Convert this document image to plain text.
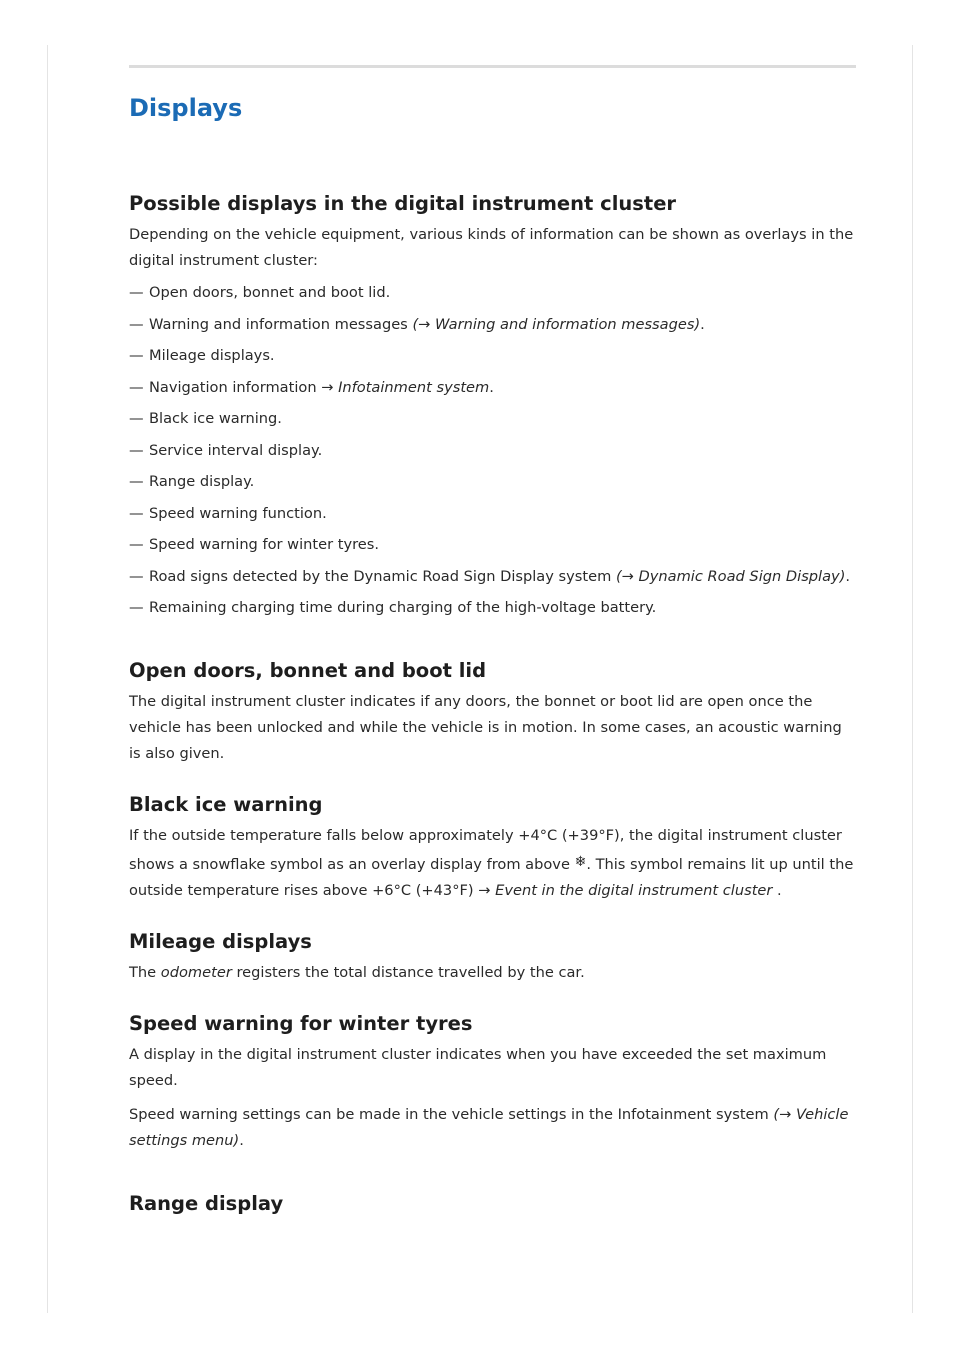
Displays
Possible displays in the digital instrument cluster

Depending on the vehicle equipment, various kinds of information can be shown as overlays in the digital instrument cluster:

— Open doors, bonnet and boot lid.
— Warning and information messages (→ Warning and information messages).
— Mileage displays.
— Navigation information → Infotainment system.
— Black ice warning.
— Service interval display.
— Range display.
— Speed warning function.
— Speed warning for winter tyres.
— Road signs detected by the Dynamic Road Sign Display system (→ Dynamic Road Sign Display).
— Remaining charging time during charging of the high-voltage battery.
Open doors, bonnet and boot lid

The digital instrument cluster indicates if any doors, the bonnet or boot lid are open once the vehicle has been unlocked and while the vehicle is in motion. In some cases, an acoustic warning is also given.

Black ice warning

If the outside temperature falls below approximately +4°C (+39°F), the digital instrument cluster shows a snowflake symbol as an overlay display from above ❄. This symbol remains lit up until the outside temperature rises above +6°C (+43°F) → Event in the digital instrument cluster .

Mileage displays

The odometer registers the total distance travelled by the car.

Speed warning for winter tyres

A display in the digital instrument cluster indicates when you have exceeded the set maximum speed.

Speed warning settings can be made in the vehicle settings in the Infotainment system (→ Vehicle settings menu).

Range display
